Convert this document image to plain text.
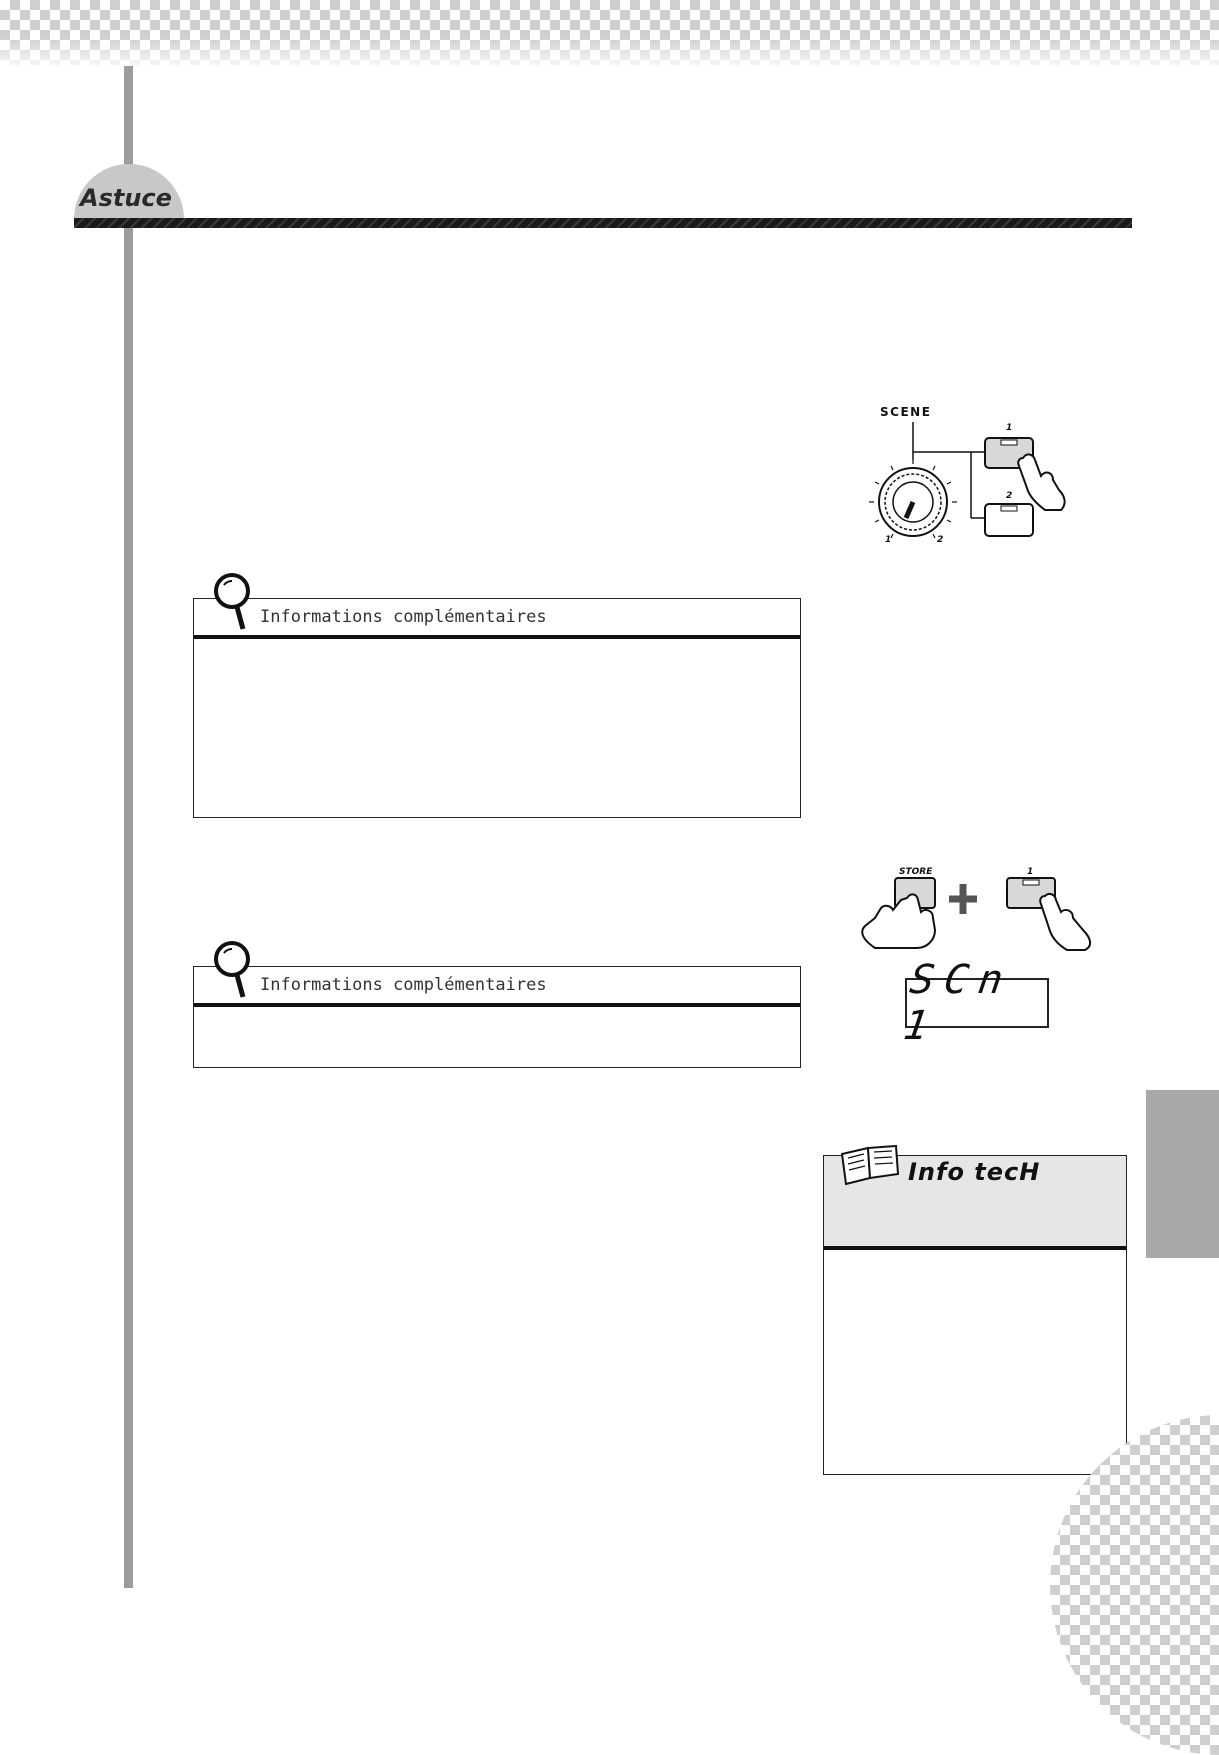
Astuce
SCENE
1	2
1
2
Informations complémentaires
STORE	1
SCn 1
Informations complémentaires
Info tecH
